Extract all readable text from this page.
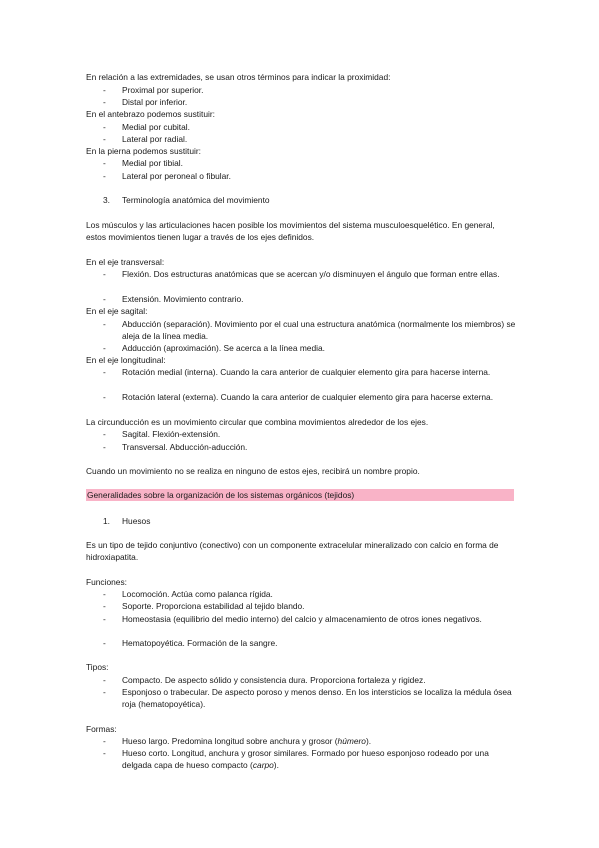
En relación a las extremidades, se usan otros términos para indicar la proximidad:
-	Proximal por superior.
-	Distal por inferior.
En el antebrazo podemos sustituir:
-	Medial por cubital.
-	Lateral por radial.
En la pierna podemos sustituir:
-	Medial por tibial.
-	Lateral por peroneal o fibular.
3. Terminología anatómica del movimiento
Los músculos y las articulaciones hacen posible los movimientos del sistema musculoesquelético. En general, estos movimientos tienen lugar a través de los ejes definidos.
En el eje transversal:
-	Flexión. Dos estructuras anatómicas que se acercan y/o disminuyen el ángulo que forman entre ellas.
-	Extensión. Movimiento contrario.
En el eje sagital:
-	Abducción (separación). Movimiento por el cual una estructura anatómica (normalmente los miembros) se aleja de la línea media.
-	Adducción (aproximación). Se acerca a la línea media.
En el eje longitudinal:
-	Rotación medial (interna). Cuando la cara anterior de cualquier elemento gira para hacerse interna.
-	Rotación lateral (externa). Cuando la cara anterior de cualquier elemento gira para hacerse externa.
La circunducción es un movimiento circular que combina movimientos alrededor de los ejes.
-	Sagital. Flexión-extensión.
-	Transversal. Abducción-aducción.
Cuando un movimiento no se realiza en ninguno de estos ejes, recibirá un nombre propio.
Generalidades sobre la organización de los sistemas orgánicos (tejidos)
1. Huesos
Es un tipo de tejido conjuntivo (conectivo) con un componente extracelular mineralizado con calcio en forma de hidroxiapatita.
Funciones:
-	Locomoción. Actúa como palanca rígida.
-	Soporte. Proporciona estabilidad al tejido blando.
-	Homeostasia (equilibrio del medio interno) del calcio y almacenamiento de otros iones negativos.
-	Hematopoyética. Formación de la sangre.
Tipos:
-	Compacto. De aspecto sólido y consistencia dura. Proporciona fortaleza y rigidez.
-	Esponjoso o trabecular. De aspecto poroso y menos denso. En los intersticios se localiza la médula ósea roja (hematopoyética).
Formas:
-	Hueso largo. Predomina longitud sobre anchura y grosor (húmero).
-	Hueso corto. Longitud, anchura y grosor similares. Formado por hueso esponjoso rodeado por una delgada capa de hueso compacto (carpo).
